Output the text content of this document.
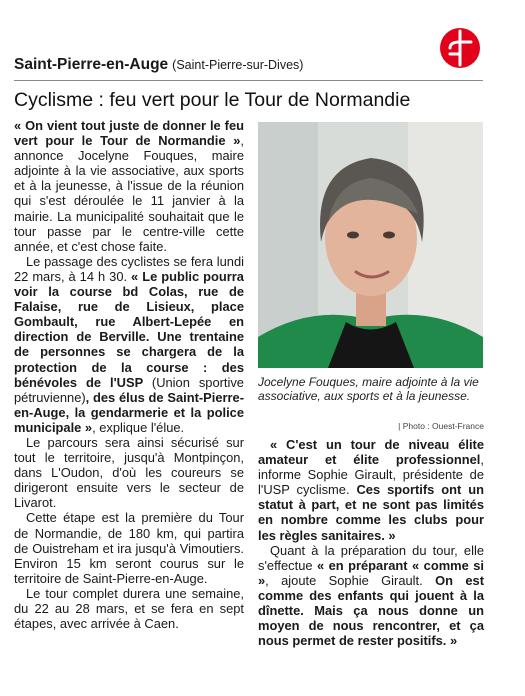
Saint-Pierre-en-Auge (Saint-Pierre-sur-Dives)
Cyclisme : feu vert pour le Tour de Normandie

« On vient tout juste de donner le feu vert pour le Tour de Normandie », annonce Jocelyne Fouques, maire adjointe à la vie associative, aux sports et à la jeunesse, à l'issue de la réunion qui s'est déroulée le 11 janvier à la mairie. La municipalité souhaitait que le tour passe par le centre-ville cette année, et c'est chose faite.

Le passage des cyclistes se fera lundi 22 mars, à 14 h 30. « Le public pourra voir la course bd Colas, rue de Falaise, rue de Lisieux, place Gombault, rue Albert-Lepée en direction de Berville. Une trentaine de personnes se chargera de la protection de la course : des bénévoles de l'USP (Union sportive pétruvienne), des élus de Saint-Pierre-en-Auge, la gendarmerie et la police municipale », explique l'élue.

Le parcours sera ainsi sécurisé sur tout le territoire, jusqu'à Montpinçon, dans L'Oudon, d'où les coureurs se dirigeront ensuite vers le secteur de Livarot.

Cette étape est la première du Tour de Normandie, de 180 km, qui partira de Ouistreham et ira jusqu'à Vimoutiers. Environ 15 km seront courus sur le territoire de Saint-Pierre-en-Auge.

Le tour complet durera une semaine, du 22 au 28 mars, et se fera en sept étapes, avec arrivée à Caen.

Jocelyne Fouques, maire adjointe à la vie associative, aux sports et à la jeunesse.
| Photo : Ouest-France

« C'est un tour de niveau élite amateur et élite professionnel, informe Sophie Girault, présidente de l'USP cyclisme. Ces sportifs ont un statut à part, et ne sont pas limités en nombre comme les clubs pour les règles sanitaires. »

Quant à la préparation du tour, elle s'effectue « en préparant « comme si », ajoute Sophie Girault. On est comme des enfants qui jouent à la dînette. Mais ça nous donne un moyen de nous rencontrer, et ça nous permet de rester positifs. »
